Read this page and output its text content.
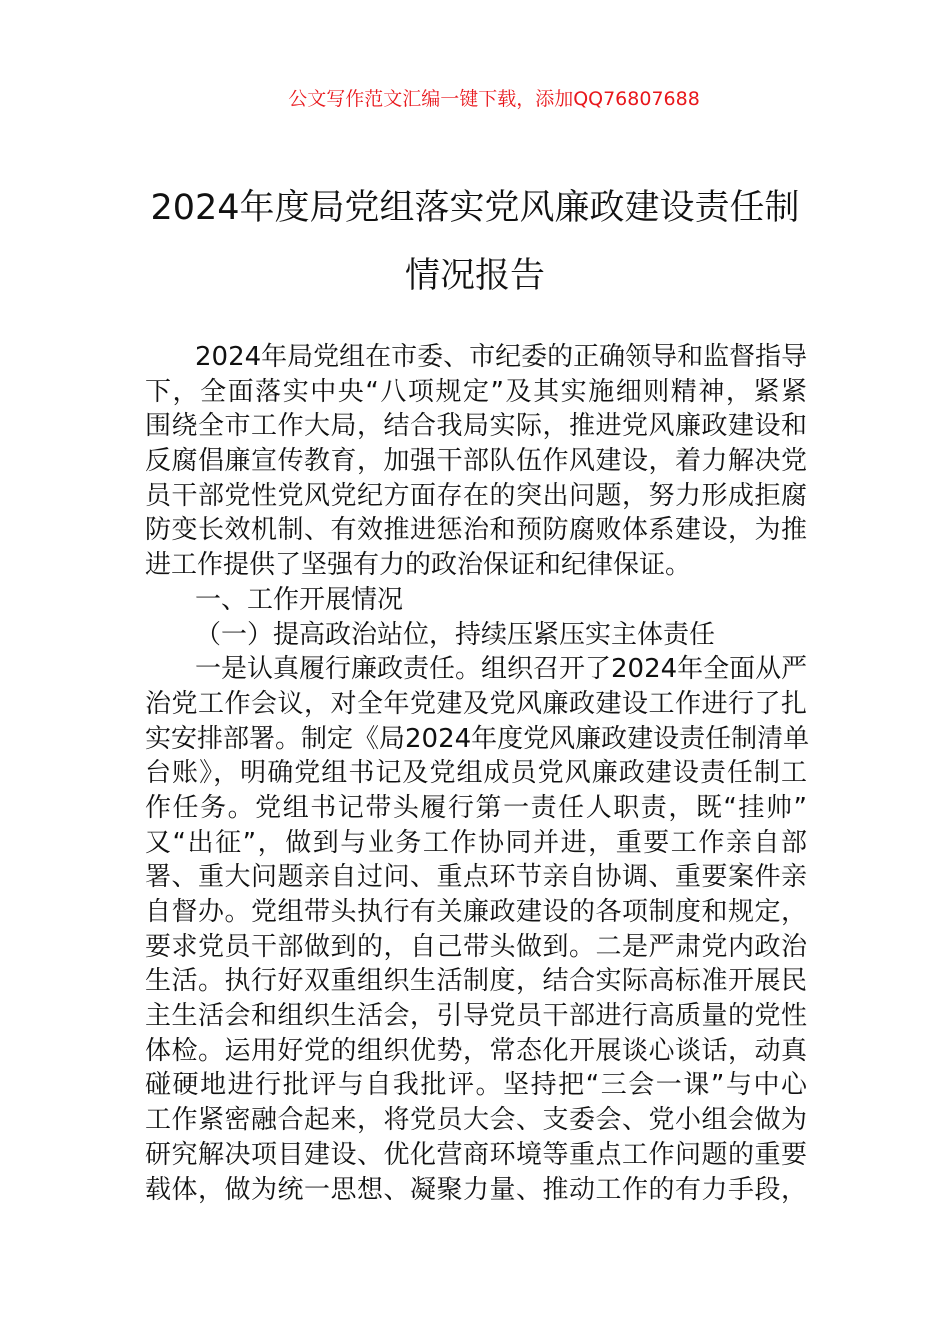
公文写作范文汇编一键下载，添加QQ76807688
2024年度局党组落实党风廉政建设责任制
情况报告
2024年局党组在市委、市纪委的正确领导和监督指导
下，全面落实中央“八项规定”及其实施细则精神，紧紧
围绕全市工作大局，结合我局实际，推进党风廉政建设和
反腐倡廉宣传教育，加强干部队伍作风建设，着力解决党
员干部党性党风党纪方面存在的突出问题，努力形成拒腐
防变长效机制、有效推进惩治和预防腐败体系建设，为推
进工作提供了坚强有力的政治保证和纪律保证。
一、工作开展情况
（一）提高政治站位，持续压紧压实主体责任
一是认真履行廉政责任。组织召开了2024年全面从严
治党工作会议，对全年党建及党风廉政建设工作进行了扎
实安排部署。制定《局2024年度党风廉政建设责任制清单
台账》，明确党组书记及党组成员党风廉政建设责任制工
作任务。党组书记带头履行第一责任人职责，既“挂帅”
又“出征”，做到与业务工作协同并进，重要工作亲自部
署、重大问题亲自过问、重点环节亲自协调、重要案件亲
自督办。党组带头执行有关廉政建设的各项制度和规定，
要求党员干部做到的，自己带头做到。二是严肃党内政治
生活。执行好双重组织生活制度，结合实际高标准开展民
主生活会和组织生活会，引导党员干部进行高质量的党性
体检。运用好党的组织优势，常态化开展谈心谈话，动真
碰硬地进行批评与自我批评。坚持把“三会一课”与中心
工作紧密融合起来，将党员大会、支委会、党小组会做为
研究解决项目建设、优化营商环境等重点工作问题的重要
载体，做为统一思想、凝聚力量、推动工作的有力手段，
